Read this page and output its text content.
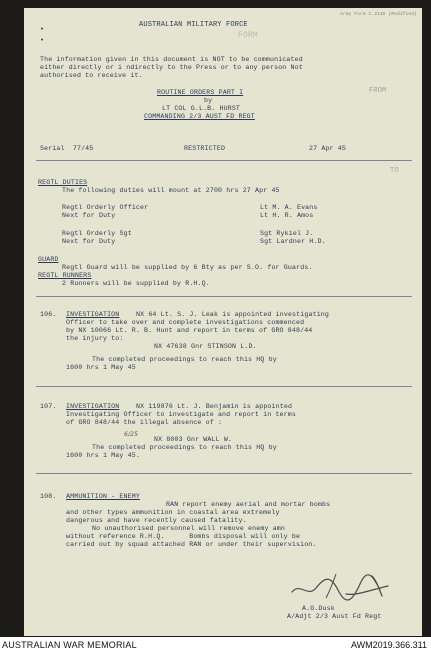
Army Form C.2136 (Modified)
FORM
AUSTRALIAN MILITARY FORCE
•
•
The information given in this document is NOT to be communicated
either directly or i ndirectly to the Press or to any person Not
authorised to receive it.
FROM
ROUTINE ORDERS PART I
by
LT COL G.L.B. HURST
COMMANDING 2/3 AUST FD REGT
Serial  77/45	RESTRICTED	27 Apr 45
TO
REGTL DUTIES
The following duties will mount at 2700 hrs 27 Apr 45
Regtl Orderly Officer	Lt M. A. Evans
Next for Duty	Lt H. R. Amos
Regtl Orderly Sgt	Sgt Rykiel J.
Next for Duty	Sgt Lardner H.D.
GUARD
Regtl Guard will be supplied by 6 Bty as per S.O. for Guards.
REGTL RUNNERS
2 Runners will be supplied by R.H.Q.
106. INVESTIGATION	NX 64 Lt. S. J. Leak is appointed investigating
Officer to take over and complete investigations commenced
by NX 10066 Lt. R. B. Hunt and report in terms of GRO 848/44
the injury to:
NX 47638 Gnr STINSON L.D.
The completed proceedings to reach this HQ by
1600 hrs 1 May 45
107. INVESTIGATION	NX 119876 Lt. J. Benjamin is appointed
Investigating Officer to investigate and report in terms
of GRO 848/44 the illegal absence of :
6/25
NX 8003 Gnr WALL W.
The completed proceedings to reach this HQ by
1600 hrs 1 May 45.
108. AMMUNITION - ENEMY
RAN report enemy aerial and mortar bombs
and other types ammunition in coastal area extremely
dangerous and have recently caused fatality.
No unauthorised personnel will remove enemy amn
without reference R.H.Q.      Bombs disposal will only be
carried out by squad attached RAN or under their supervision.
A.G.Dusk
A/Adjt 2/3 Aust Fd Regt
AUSTRALIAN WAR MEMORIAL	AWM2019.366.311
